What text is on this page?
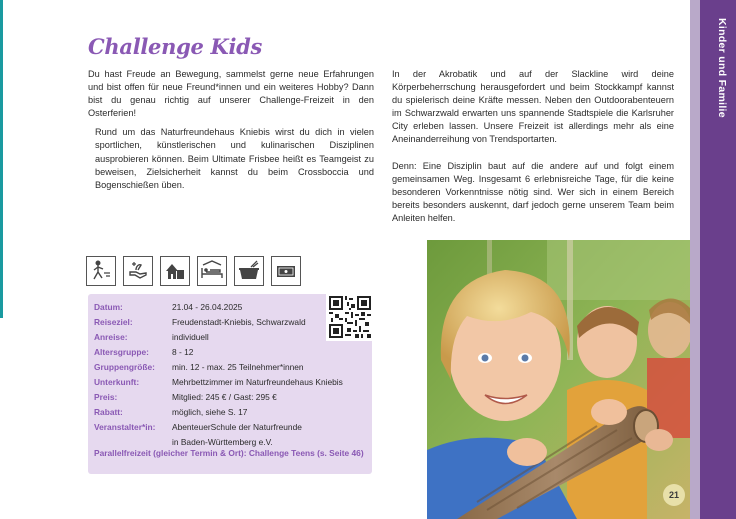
Kinder und Familie
Challenge Kids

Du hast Freude an Bewegung, sammelst gerne neue Erfahrungen und bist offen für neue Freund*innen und ein weiteres Hobby? Dann bist du genau richtig auf unserer Challenge-Freizeit in den Osterferien!

Rund um das Naturfreundehaus Kniebis wirst du dich in vielen sportlichen, künstlerischen und kulinarischen Disziplinen ausprobieren können. Beim Ultimate Frisbee heißt es Teamgeist zu beweisen, Zielsicherheit kannst du beim Crossboccia und Bogenschießen üben.

In der Akrobatik und auf der Slackline wird deine Körperbeherrschung herausgefordert und beim Stockkampf kannst du spielerisch deine Kräfte messen. Neben den Outdoorabenteuern im Schwarzwald erwarten uns spannende Stadtspiele die Karlsruher City erleben lassen. Unsere Freizeit ist allerdings mehr als eine Aneinanderreihung von Trendsportarten.

Denn: Eine Disziplin baut auf die andere auf und folgt einem gemeinsamen Weg. Insgesamt 6 erlebnisreiche Tage, für die keine besonderen Vorkenntnisse nötig sind. Wer sich in einem Bereich bereits besonders auskennt, darf jedoch gerne unserem Team beim Anleiten helfen.

Datum:	21.04 - 26.04.2025
Reiseziel:	Freudenstadt-Kniebis, Schwarzwald
Anreise:	individuell
Altersgruppe:	8 - 12
Gruppengröße:	min. 12 - max. 25 Teilnehmer*innen
Unterkunft:	Mehrbettzimmer im Naturfreundehaus Kniebis
Preis:	Mitglied: 245 € / Gast: 295 €
Rabatt:	möglich, siehe S. 17
Veranstalter*in:	AbenteuerSchule der Naturfreunde
in Baden-Württemberg e.V.
Parallelfreizeit (gleicher Termin & Ort): Challenge Teens (s. Seite 46)
21
